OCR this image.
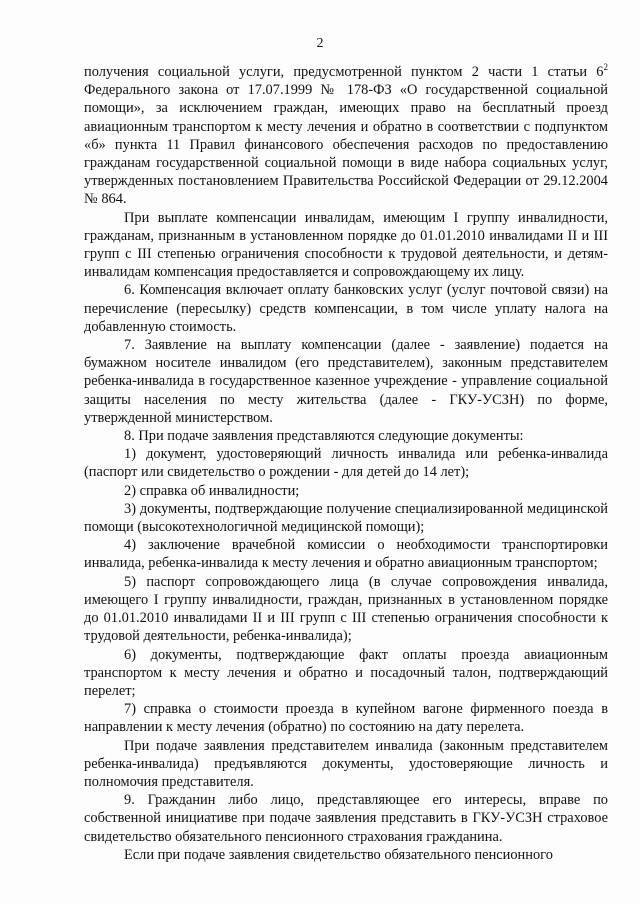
2

получения социальной услуги, предусмотренной пунктом 2 части 1 статьи $6^2$ Федерального закона от 17.07.1999 № 178-ФЗ «О государственной социальной помощи», за исключением граждан, имеющих право на бесплатный проезд авиационным транспортом к месту лечения и обратно в соответствии с подпунктом «б» пункта 11 Правил финансового обеспечения расходов по предоставлению гражданам государственной социальной помощи в виде набора социальных услуг, утвержденных постановлением Правительства Российской Федерации от 29.12.2004 № 864.

При выплате компенсации инвалидам, имеющим I группу инвалидности, гражданам, признанным в установленном порядке до 01.01.2010 инвалидами II и III групп с III степенью ограничения способности к трудовой деятельности, и детям-инвалидам компенсация предоставляется и сопровождающему их лицу.

6. Компенсация включает оплату банковских услуг (услуг почтовой связи) на перечисление (пересылку) средств компенсации, в том числе уплату налога на добавленную стоимость.

7. Заявление на выплату компенсации (далее - заявление) подается на бумажном носителе инвалидом (его представителем), законным представителем ребенка-инвалида в государственное казенное учреждение - управление социальной защиты населения по месту жительства (далее - ГКУ-УСЗН) по форме, утвержденной министерством.

8. При подаче заявления представляются следующие документы:

1) документ, удостоверяющий личность инвалида или ребенка-инвалида (паспорт или свидетельство о рождении - для детей до 14 лет);

2) справка об инвалидности;

3) документы, подтверждающие получение специализированной медицинской помощи (высокотехнологичной медицинской помощи);

4) заключение врачебной комиссии о необходимости транспортировки инвалида, ребенка-инвалида к месту лечения и обратно авиационным транспортом;

5) паспорт сопровождающего лица (в случае сопровождения инвалида, имеющего I группу инвалидности, граждан, признанных в установленном порядке до 01.01.2010 инвалидами II и III групп с III степенью ограничения способности к трудовой деятельности, ребенка-инвалида);

6) документы, подтверждающие факт оплаты проезда авиационным транспортом к месту лечения и обратно и посадочный талон, подтверждающий перелет;

7) справка о стоимости проезда в купейном вагоне фирменного поезда в направлении к месту лечения (обратно) по состоянию на дату перелета.

При подаче заявления представителем инвалида (законным представителем ребенка-инвалида) предъявляются документы, удостоверяющие личность и полномочия представителя.

9. Гражданин либо лицо, представляющее его интересы, вправе по собственной инициативе при подаче заявления представить в ГКУ-УСЗН страховое свидетельство обязательного пенсионного страхования гражданина.

Если при подаче заявления свидетельство обязательного пенсионного
